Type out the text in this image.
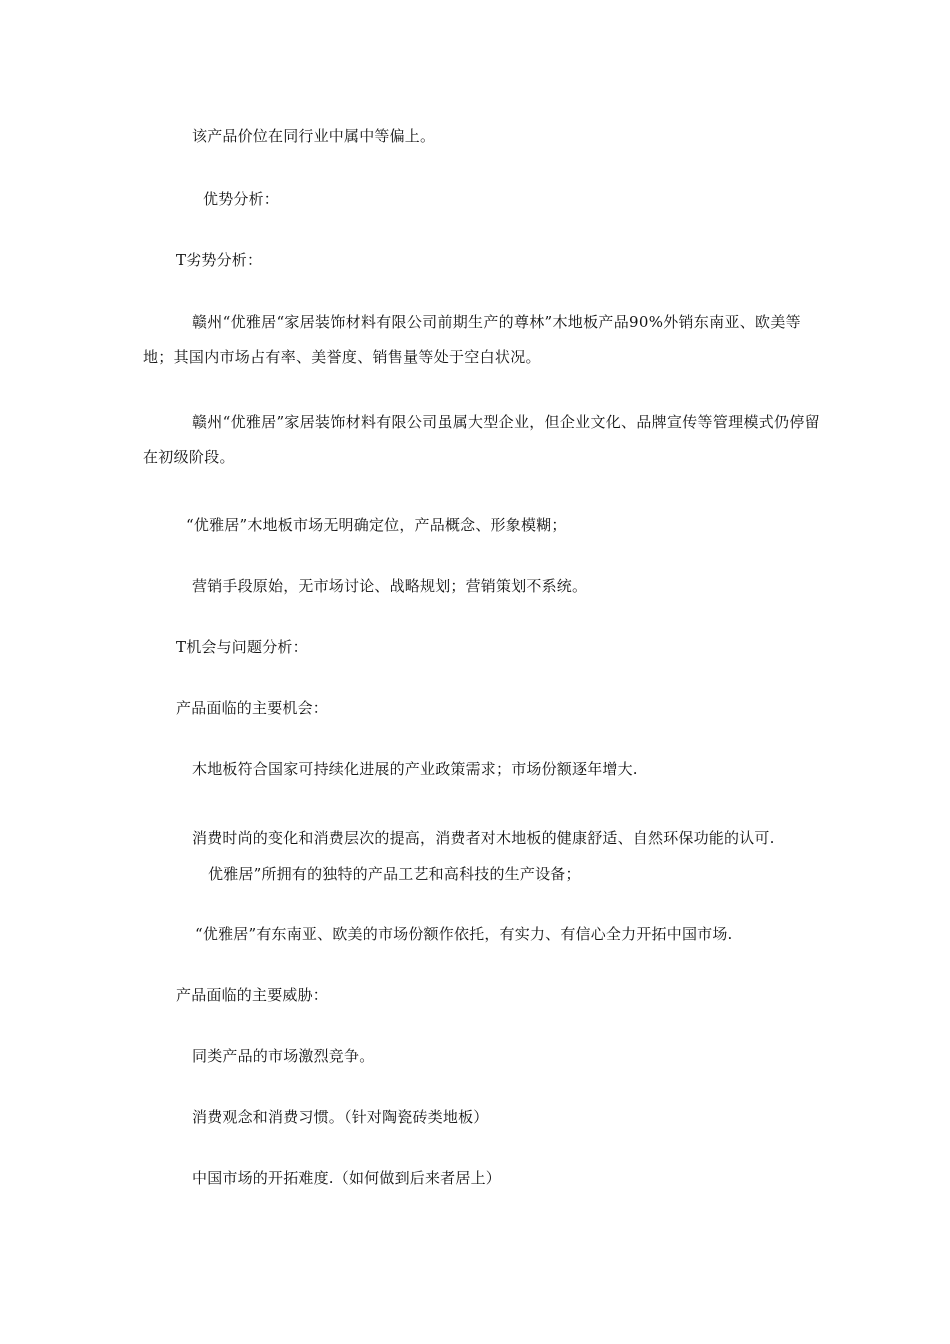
该产品价位在同行业中属中等偏上。
优势分析：
T劣势分析：
赣州“优雅居“家居装饰材料有限公司前期生产的尊林”木地板产品90%外销东南亚、欧美等地；其国内市场占有率、美誉度、销售量等处于空白状况。
赣州“优雅居”家居装饰材料有限公司虽属大型企业，但企业文化、品牌宣传等管理模式仍停留在初级阶段。
“优雅居”木地板市场无明确定位，产品概念、形象模糊；
营销手段原始，无市场讨论、战略规划；营销策划不系统。
T机会与问题分析：
产品面临的主要机会：
木地板符合国家可持续化进展的产业政策需求；市场份额逐年增大.
消费时尚的变化和消费层次的提高，消费者对木地板的健康舒适、自然环保功能的认可.
优雅居”所拥有的独特的产品工艺和高科技的生产设备；
“优雅居”有东南亚、欧美的市场份额作依托，有实力、有信心全力开拓中国市场.
产品面临的主要威胁：
同类产品的市场激烈竞争。
消费观念和消费习惯。（针对陶瓷砖类地板）
中国市场的开拓难度.（如何做到后来者居上）
